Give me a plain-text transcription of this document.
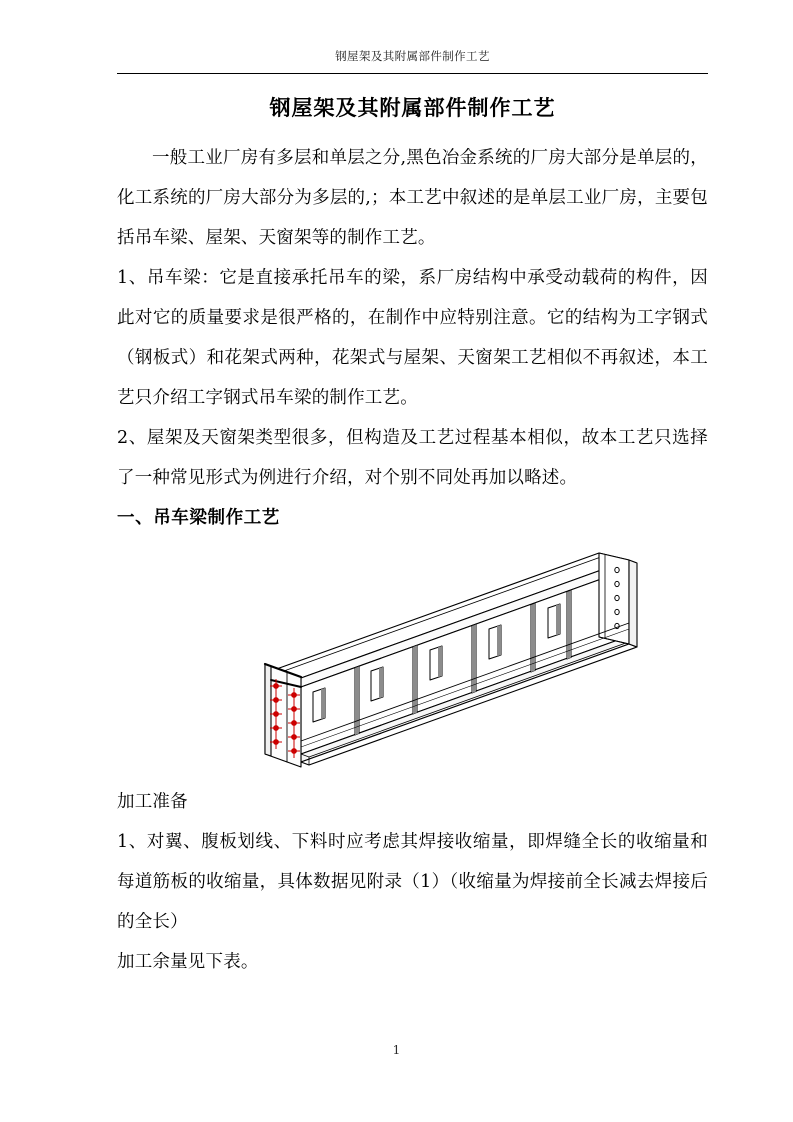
钢屋架及其附属部件制作工艺
钢屋架及其附属部件制作工艺

一般工业厂房有多层和单层之分,黑色冶金系统的厂房大部分是单层的，化工系统的厂房大部分为多层的,；本工艺中叙述的是单层工业厂房，主要包括吊车梁、屋架、天窗架等的制作工艺。

1、吊车梁：它是直接承托吊车的梁，系厂房结构中承受动载荷的构件，因此对它的质量要求是很严格的，在制作中应特别注意。它的结构为工字钢式（钢板式）和花架式两种，花架式与屋架、天窗架工艺相似不再叙述，本工艺只介绍工字钢式吊车梁的制作工艺。

2、屋架及天窗架类型很多，但构造及工艺过程基本相似，故本工艺只选择了一种常见形式为例进行介绍，对个别不同处再加以略述。

一、吊车梁制作工艺

加工准备

1、对翼、腹板划线、下料时应考虑其焊接收缩量，即焊缝全长的收缩量和每道筋板的收缩量，具体数据见附录（1）（收缩量为焊接前全长减去焊接后的全长）

加工余量见下表。

1
